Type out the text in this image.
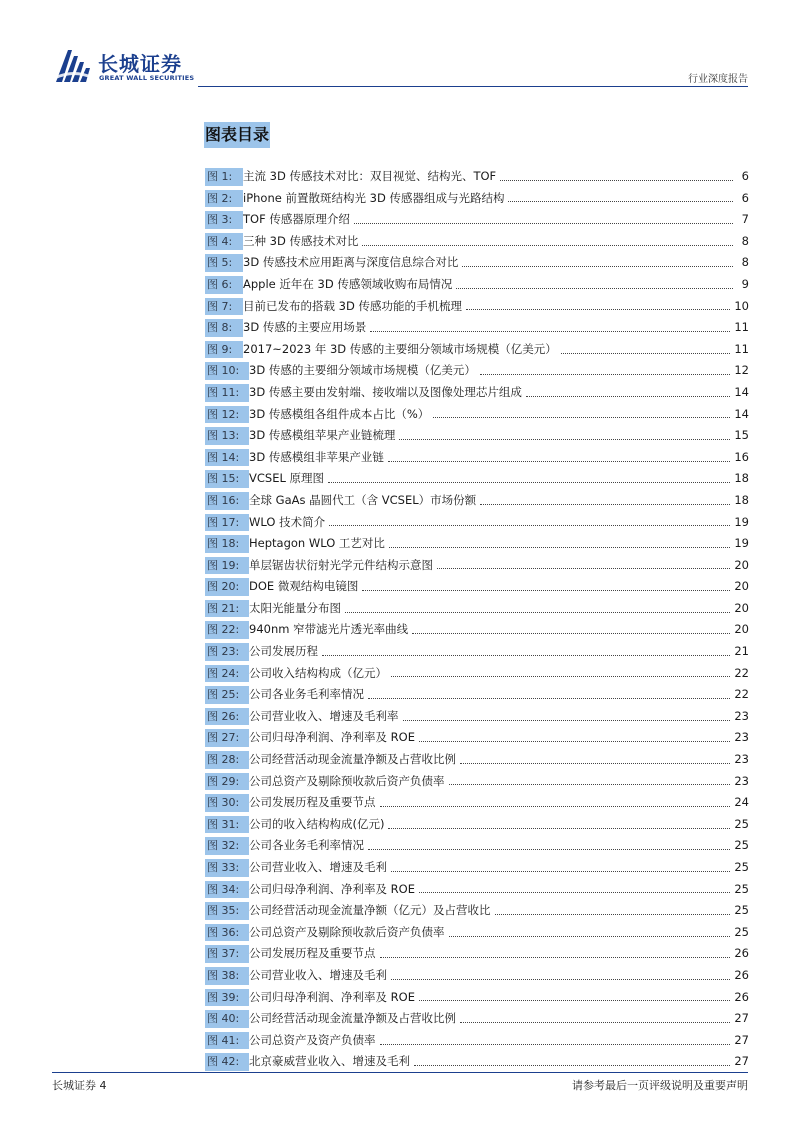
长城证券
GREAT WALL SECURITIES	行业深度报告
图表目录
图 1: 主流 3D 传感技术对比：双目视觉、结构光、TOF	6
图 2: iPhone 前置散斑结构光 3D 传感器组成与光路结构	6
图 3: TOF 传感器原理介绍	7
图 4: 三种 3D 传感技术对比	8
图 5: 3D 传感技术应用距离与深度信息综合对比	8
图 6: Apple 近年在 3D 传感领域收购布局情况	9
图 7: 目前已发布的搭载 3D 传感功能的手机梳理	10
图 8: 3D 传感的主要应用场景	11
图 9: 2017~2023 年 3D 传感的主要细分领域市场规模（亿美元）	11
图 10: 3D 传感的主要细分领域市场规模（亿美元）	12
图 11: 3D 传感主要由发射端、接收端以及图像处理芯片组成	14
图 12: 3D 传感模组各组件成本占比（%）	14
图 13: 3D 传感模组苹果产业链梳理	15
图 14: 3D 传感模组非苹果产业链	16
图 15: VCSEL 原理图	18
图 16: 全球 GaAs 晶圆代工（含 VCSEL）市场份额	18
图 17: WLO 技术简介	19
图 18: Heptagon WLO 工艺对比	19
图 19: 单层锯齿状衍射光学元件结构示意图	20
图 20: DOE 微观结构电镜图	20
图 21: 太阳光能量分布图	20
图 22: 940nm 窄带滤光片透光率曲线	20
图 23: 公司发展历程	21
图 24: 公司收入结构构成（亿元）	22
图 25: 公司各业务毛利率情况	22
图 26: 公司营业收入、增速及毛利率	23
图 27: 公司归母净利润、净利率及 ROE	23
图 28: 公司经营活动现金流量净额及占营收比例	23
图 29: 公司总资产及剔除预收款后资产负债率	23
图 30: 公司发展历程及重要节点	24
图 31: 公司的收入结构构成(亿元)	25
图 32: 公司各业务毛利率情况	25
图 33: 公司营业收入、增速及毛利	25
图 34: 公司归母净利润、净利率及 ROE	25
图 35: 公司经营活动现金流量净额（亿元）及占营收比	25
图 36: 公司总资产及剔除预收款后资产负债率	25
图 37: 公司发展历程及重要节点	26
图 38: 公司营业收入、增速及毛利	26
图 39: 公司归母净利润、净利率及 ROE	26
图 40: 公司经营活动现金流量净额及占营收比例	27
图 41: 公司总资产及资产负债率	27
图 42: 北京豪威营业收入、增速及毛利	27
长城证券 4	请参考最后一页评级说明及重要声明
